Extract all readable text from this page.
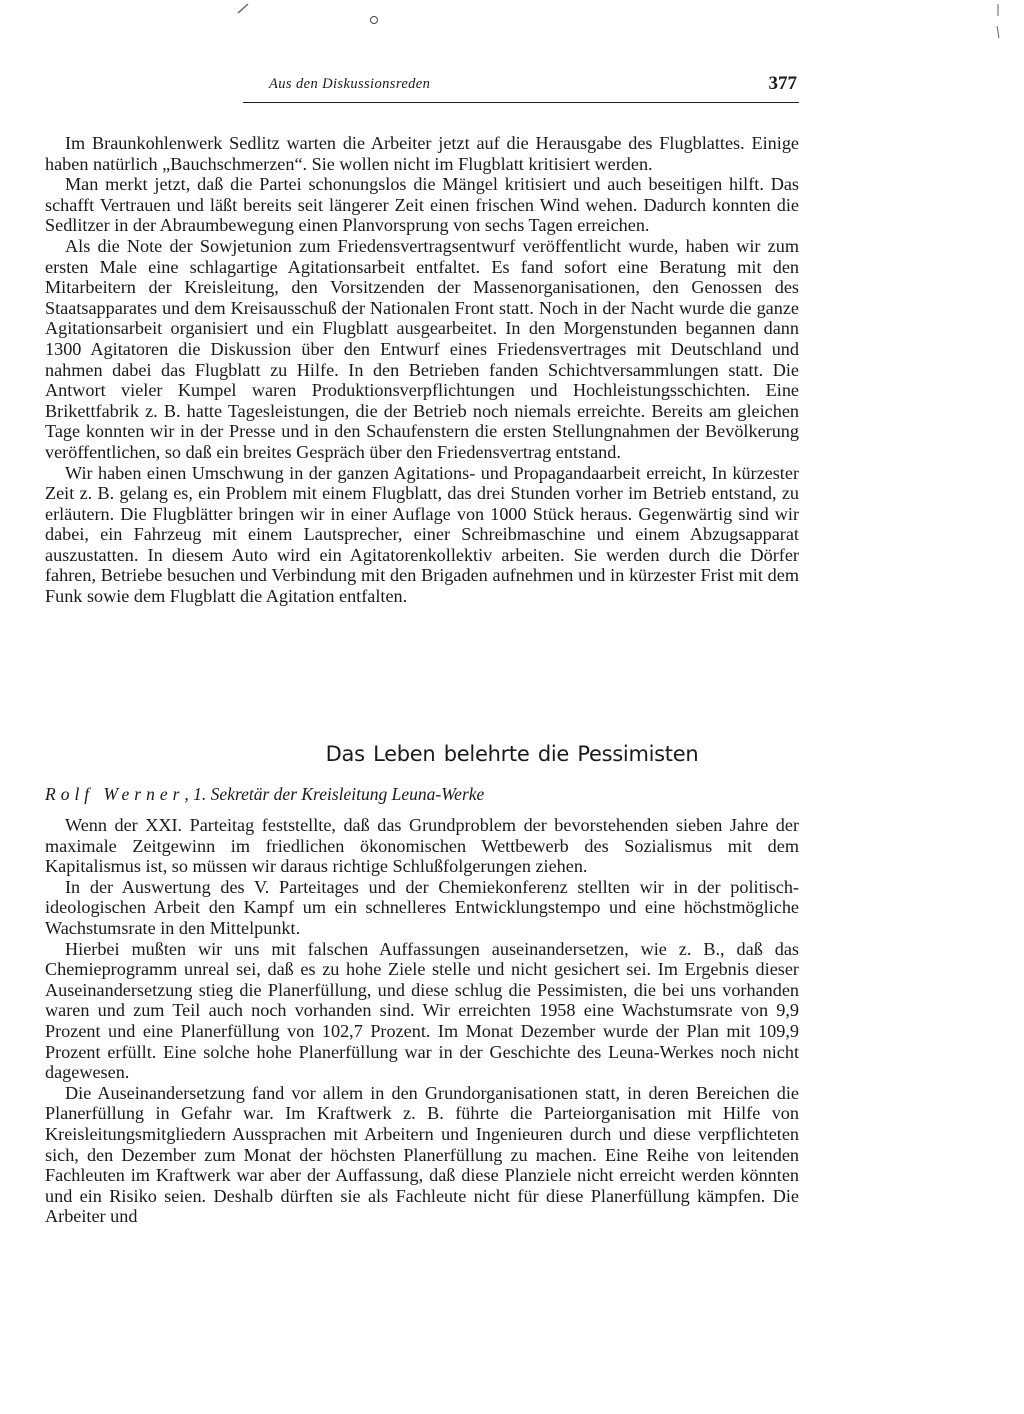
Aus den Diskussionsreden	377

Im Braunkohlenwerk Sedlitz warten die Arbeiter jetzt auf die Herausgabe des Flugblattes. Einige haben natürlich „Bauchschmerzen“. Sie wollen nicht im Flugblatt kritisiert werden.

Man merkt jetzt, daß die Partei schonungslos die Mängel kritisiert und auch beseitigen hilft. Das schafft Vertrauen und läßt bereits seit längerer Zeit einen frischen Wind wehen. Dadurch konnten die Sedlitzer in der Abraumbewegung einen Planvorsprung von sechs Tagen erreichen.

Als die Note der Sowjetunion zum Friedensvertragsentwurf veröffentlicht wurde, haben wir zum ersten Male eine schlagartige Agitationsarbeit entfaltet. Es fand sofort eine Beratung mit den Mitarbeitern der Kreisleitung, den Vorsitzenden der Massenorganisationen, den Genossen des Staatsapparates und dem Kreisausschuß der Nationalen Front statt. Noch in der Nacht wurde die ganze Agitationsarbeit organisiert und ein Flugblatt ausgearbeitet. In den Morgenstunden begannen dann 1300 Agitatoren die Diskussion über den Entwurf eines Friedensvertrages mit Deutschland und nahmen dabei das Flugblatt zu Hilfe. In den Betrieben fanden Schichtversammlungen statt. Die Antwort vieler Kumpel waren Produktionsverpflichtungen und Hochleistungsschichten. Eine Brikettfabrik z. B. hatte Tagesleistungen, die der Betrieb noch niemals erreichte. Bereits am gleichen Tage konnten wir in der Presse und in den Schaufenstern die ersten Stellungnahmen der Bevölkerung veröffentlichen, so daß ein breites Gespräch über den Friedensvertrag entstand.

Wir haben einen Umschwung in der ganzen Agitations- und Propagandaarbeit erreicht, In kürzester Zeit z. B. gelang es, ein Problem mit einem Flugblatt, das drei Stunden vorher im Betrieb entstand, zu erläutern. Die Flugblätter bringen wir in einer Auflage von 1000 Stück heraus. Gegenwärtig sind wir dabei, ein Fahrzeug mit einem Lautsprecher, einer Schreibmaschine und einem Abzugsapparat auszustatten. In diesem Auto wird ein Agitatorenkollektiv arbeiten. Sie werden durch die Dörfer fahren, Betriebe besuchen und Verbindung mit den Brigaden aufnehmen und in kürzester Frist mit dem Funk sowie dem Flugblatt die Agitation entfalten.

Das Leben belehrte die Pessimisten
Rolf Werner, 1. Sekretär der Kreisleitung Leuna-Werke

Wenn der XXI. Parteitag feststellte, daß das Grundproblem der bevorstehenden sieben Jahre der maximale Zeitgewinn im friedlichen ökonomischen Wettbewerb des Sozialismus mit dem Kapitalismus ist, so müssen wir daraus richtige Schlußfolgerungen ziehen.

In der Auswertung des V. Parteitages und der Chemiekonferenz stellten wir in der politisch-ideologischen Arbeit den Kampf um ein schnelleres Entwicklungstempo und eine höchstmögliche Wachstumsrate in den Mittelpunkt.

Hierbei mußten wir uns mit falschen Auffassungen auseinandersetzen, wie z. B., daß das Chemieprogramm unreal sei, daß es zu hohe Ziele stelle und nicht gesichert sei. Im Ergebnis dieser Auseinandersetzung stieg die Planerfüllung, und diese schlug die Pessimisten, die bei uns vorhanden waren und zum Teil auch noch vorhanden sind. Wir erreichten 1958 eine Wachstumsrate von 9,9 Prozent und eine Planerfüllung von 102,7 Prozent. Im Monat Dezember wurde der Plan mit 109,9 Prozent erfüllt. Eine solche hohe Planerfüllung war in der Geschichte des Leuna-Werkes noch nicht dagewesen.

Die Auseinandersetzung fand vor allem in den Grundorganisationen statt, in deren Bereichen die Planerfüllung in Gefahr war. Im Kraftwerk z. B. führte die Parteiorganisation mit Hilfe von Kreisleitungsmitgliedern Aussprachen mit Arbeitern und Ingenieuren durch und diese verpflichteten sich, den Dezember zum Monat der höchsten Planerfüllung zu machen. Eine Reihe von leitenden Fachleuten im Kraftwerk war aber der Auffassung, daß diese Planziele nicht erreicht werden könnten und ein Risiko seien. Deshalb dürften sie als Fachleute nicht für diese Planerfüllung kämpfen. Die Arbeiter und
